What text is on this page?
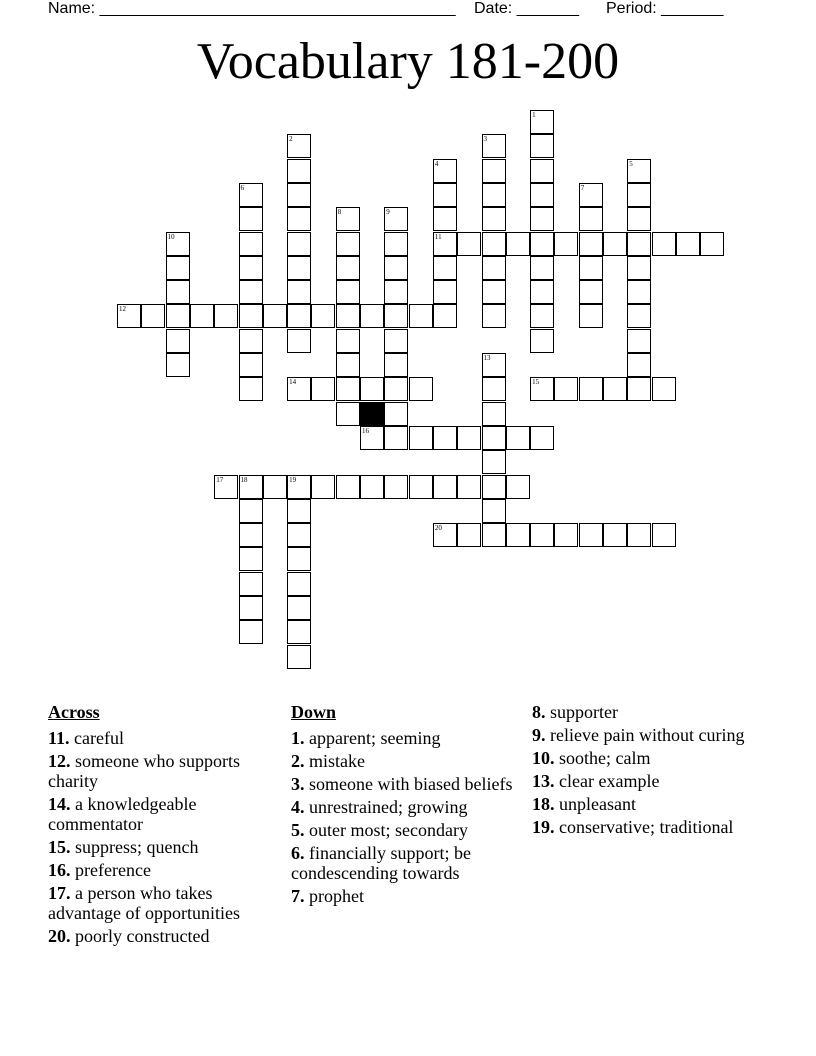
Name: ________________________________________ Date: _______ Period: _______
Vocabulary 181-200
1
2	3
4
11
5
6	7
8	9
10
12
13
14	15
16
17 18	19
20
Across
11. careful
12. someone who supports charity
14. a knowledgeable commentator
15. suppress; quench
16. preference
17. a person who takes advantage of opportunities
20. poorly constructed
Down
1. apparent; seeming
2. mistake
3. someone with biased beliefs
4. unrestrained; growing
5. outer most; secondary
6. financially support; be condescending towards
7. prophet
8. supporter
9. relieve pain without curing
10. soothe; calm
13. clear example
18. unpleasant
19. conservative; traditional
